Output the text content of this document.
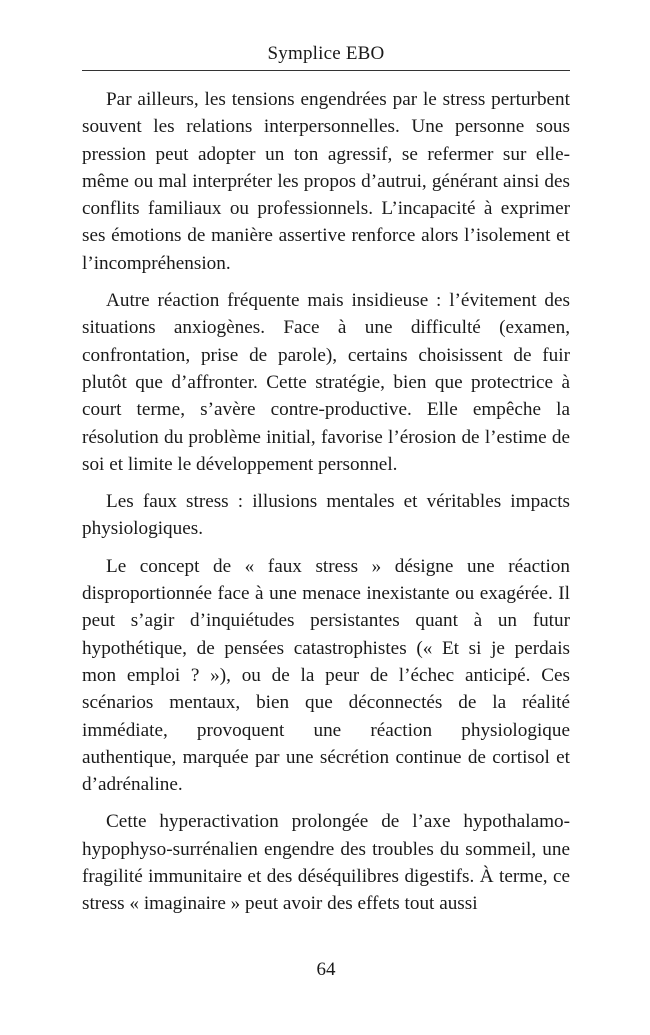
Symplice EBO

Par ailleurs, les tensions engendrées par le stress perturbent souvent les relations interpersonnelles. Une personne sous pression peut adopter un ton agressif, se refermer sur elle-même ou mal interpréter les propos d’autrui, générant ainsi des conflits familiaux ou professionnels. L’incapacité à exprimer ses émotions de manière assertive renforce alors l’isolement et l’incompréhension.

Autre réaction fréquente mais insidieuse : l’évitement des situations anxiogènes. Face à une difficulté (examen, confrontation, prise de parole), certains choisissent de fuir plutôt que d’affronter. Cette stratégie, bien que protectrice à court terme, s’avère contre-productive. Elle empêche la résolution du problème initial, favorise l’érosion de l’estime de soi et limite le développement personnel.

Les faux stress : illusions mentales et véritables impacts physiologiques.

Le concept de « faux stress » désigne une réaction disproportionnée face à une menace inexistante ou exagérée. Il peut s’agir d’inquiétudes persistantes quant à un futur hypothétique, de pensées catastrophistes (« Et si je perdais mon emploi ? »), ou de la peur de l’échec anticipé. Ces scénarios mentaux, bien que déconnectés de la réalité immédiate, provoquent une réaction physiologique authentique, marquée par une sécrétion continue de cortisol et d’adrénaline.

Cette hyperactivation prolongée de l’axe hypothalamo-hypophyso-surrénalien engendre des troubles du sommeil, une fragilité immunitaire et des déséquilibres digestifs. À terme, ce stress « imaginaire » peut avoir des effets tout aussi

64
